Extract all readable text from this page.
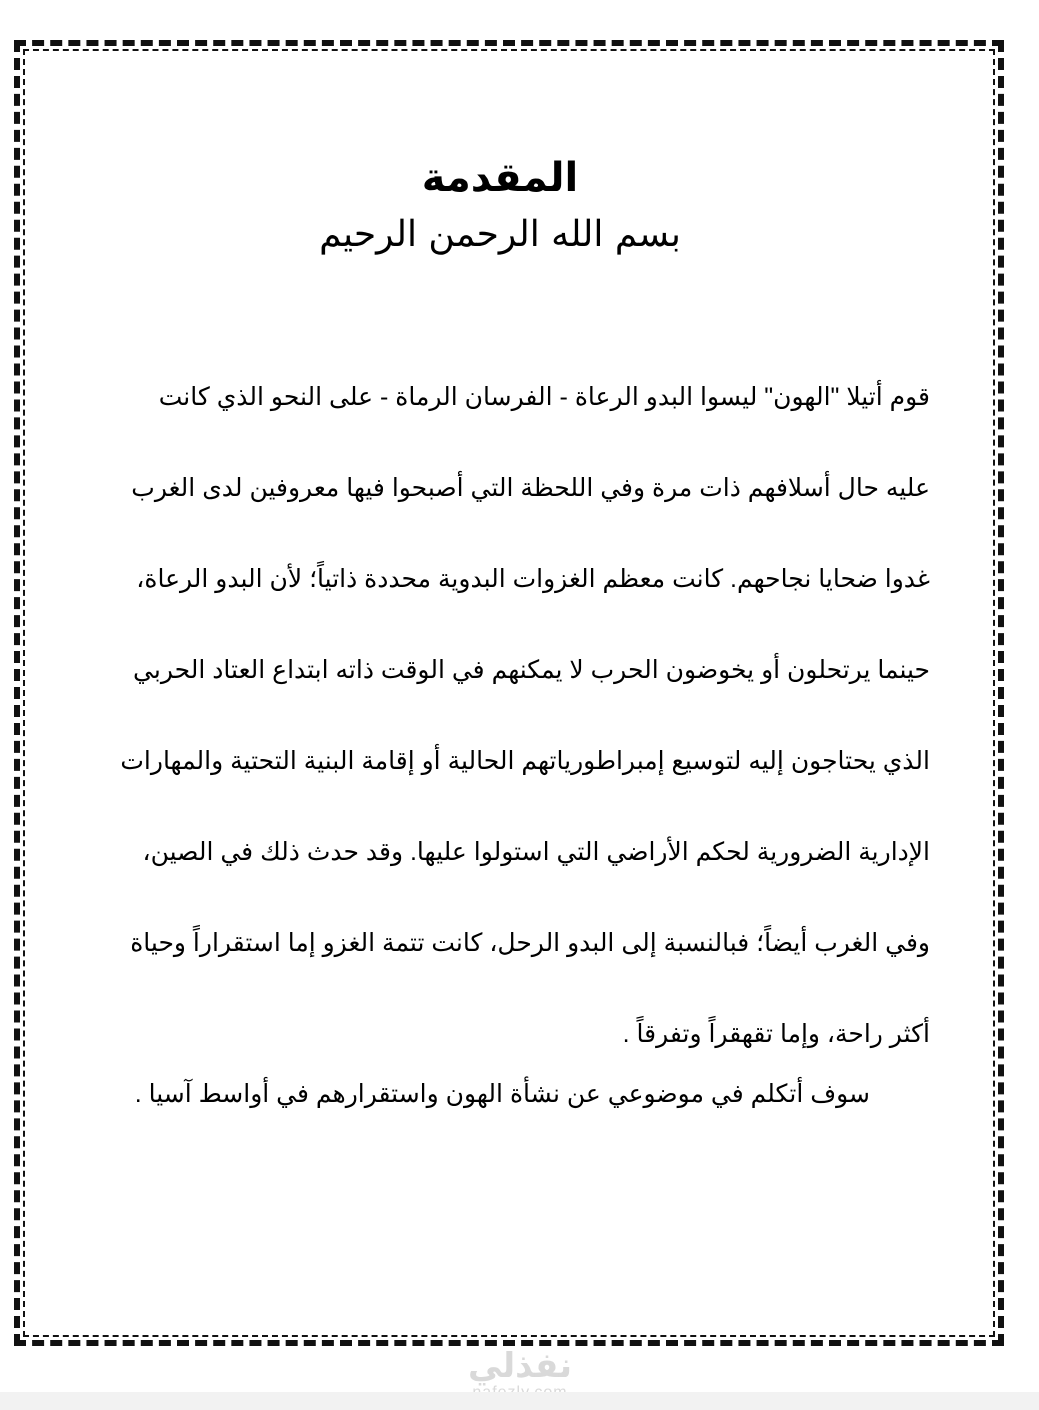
المقدمة
بسم الله الرحمن الرحيم
قوم أتيلا "الهون" ليسوا البدو الرعاة - الفرسان الرماة - على النحو الذي كانت
عليه حال أسلافهم ذات مرة وفي اللحظة التي أصبحوا فيها معروفين لدى الغرب
غدوا ضحايا نجاحهم. كانت معظم الغزوات البدوية محددة ذاتياً؛ لأن البدو الرعاة،
حينما يرتحلون أو يخوضون الحرب لا يمكنهم في الوقت ذاته ابتداع العتاد الحربي
الذي يحتاجون إليه لتوسيع إمبراطورياتهم الحالية أو إقامة البنية التحتية والمهارات
الإدارية الضرورية لحكم الأراضي التي استولوا عليها. وقد حدث ذلك في الصين،
وفي الغرب أيضاً؛ فبالنسبة إلى البدو الرحل، كانت تتمة الغزو إما استقراراً وحياة
أكثر راحة، وإما تقهقراً وتفرقاً .
سوف أتكلم في موضوعي عن نشأة الهون واستقرارهم في أواسط آسيا .
نفذلي
